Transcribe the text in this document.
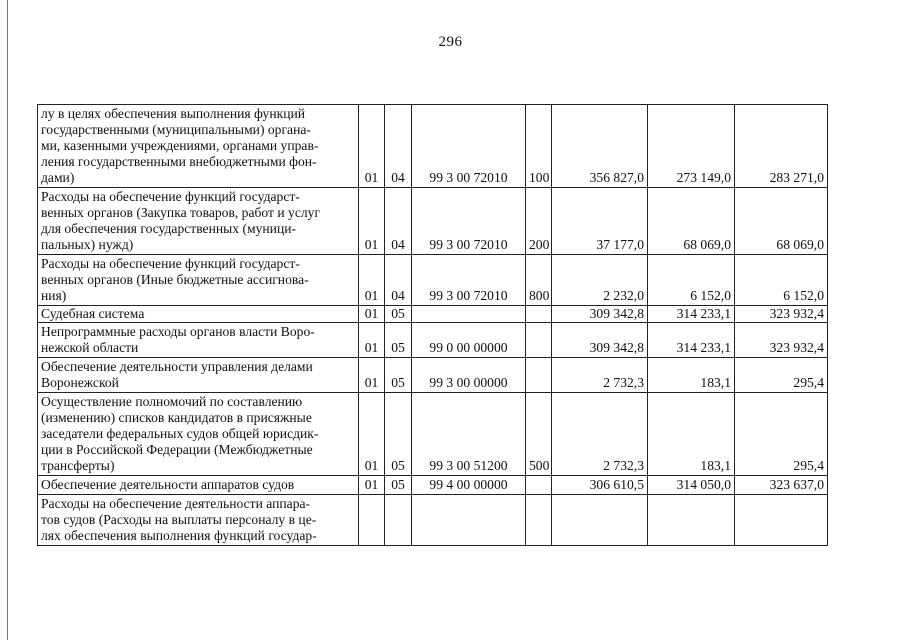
296
лу в целях обеспечения выполнения функций
государственными (муниципальными) органа-
ми, казенными учреждениями, органами управ-
ления государственными внебюджетными фон-
дами)	01	04	99 3 00 72010	100	356 827,0	273 149,0	283 271,0
Расходы на обеспечение функций государст-
венных органов (Закупка товаров, работ и услуг
для обеспечения государственных (муници-
пальных) нужд)	01	04	99 3 00 72010	200	37 177,0	68 069,0	68 069,0
Расходы на обеспечение функций государст-
венных органов (Иные бюджетные ассигнова-
ния)	01	04	99 3 00 72010	800	2 232,0	6 152,0	6 152,0
Судебная система	01	05			309 342,8	314 233,1	323 932,4
Непрограммные расходы органов власти Воро-
нежской области	01	05	99 0 00 00000		309 342,8	314 233,1	323 932,4
Обеспечение деятельности управления делами
Воронежской	01	05	99 3 00 00000		2 732,3	183,1	295,4
Осуществление полномочий по составлению
(изменению) списков кандидатов в присяжные
заседатели федеральных судов общей юрисдик-
ции в Российской Федерации (Межбюджетные
трансферты)	01	05	99 3 00 51200	500	2 732,3	183,1	295,4
Обеспечение деятельности аппаратов судов	01	05	99 4 00 00000		306 610,5	314 050,0	323 637,0
Расходы на обеспечение деятельности аппара-
тов судов (Расходы на выплаты персоналу в це-
лях обеспечения выполнения функций государ-							
